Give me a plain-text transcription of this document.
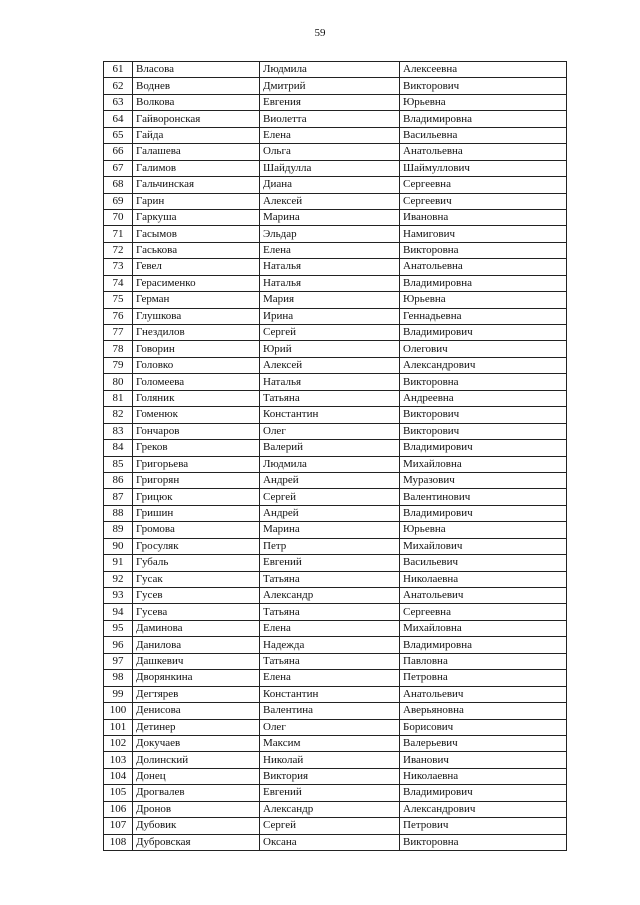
59
61	Власова	Людмила	Алексеевна
62	Воднев	Дмитрий	Викторович
63	Волкова	Евгения	Юрьевна
64	Гайворонская	Виолетта	Владимировна
65	Гайда	Елена	Васильевна
66	Галашева	Ольга	Анатольевна
67	Галимов	Шайдулла	Шаймуллович
68	Гальчинская	Диана	Сергеевна
69	Гарин	Алексей	Сергеевич
70	Гаркуша	Марина	Ивановна
71	Гасымов	Эльдар	Намигович
72	Гаськова	Елена	Викторовна
73	Гевел	Наталья	Анатольевна
74	Герасименко	Наталья	Владимировна
75	Герман	Мария	Юрьевна
76	Глушкова	Ирина	Геннадьевна
77	Гнездилов	Сергей	Владимирович
78	Говорин	Юрий	Олегович
79	Головко	Алексей	Александрович
80	Голомеева	Наталья	Викторовна
81	Голяник	Татьяна	Андреевна
82	Гоменюк	Константин	Викторович
83	Гончаров	Олег	Викторович
84	Греков	Валерий	Владимирович
85	Григорьева	Людмила	Михайловна
86	Григорян	Андрей	Муразович
87	Грицюк	Сергей	Валентинович
88	Гришин	Андрей	Владимирович
89	Громова	Марина	Юрьевна
90	Гросуляк	Петр	Михайлович
91	Губаль	Евгений	Васильевич
92	Гусак	Татьяна	Николаевна
93	Гусев	Александр	Анатольевич
94	Гусева	Татьяна	Сергеевна
95	Даминова	Елена	Михайловна
96	Данилова	Надежда	Владимировна
97	Дашкевич	Татьяна	Павловна
98	Дворянкина	Елена	Петровна
99	Дегтярев	Константин	Анатольевич
100	Денисова	Валентина	Аверьяновна
101	Детинер	Олег	Борисович
102	Докучаев	Максим	Валерьевич
103	Долинский	Николай	Иванович
104	Донец	Виктория	Николаевна
105	Дрогвалев	Евгений	Владимирович
106	Дронов	Александр	Александрович
107	Дубовик	Сергей	Петрович
108	Дубровская	Оксана	Викторовна
